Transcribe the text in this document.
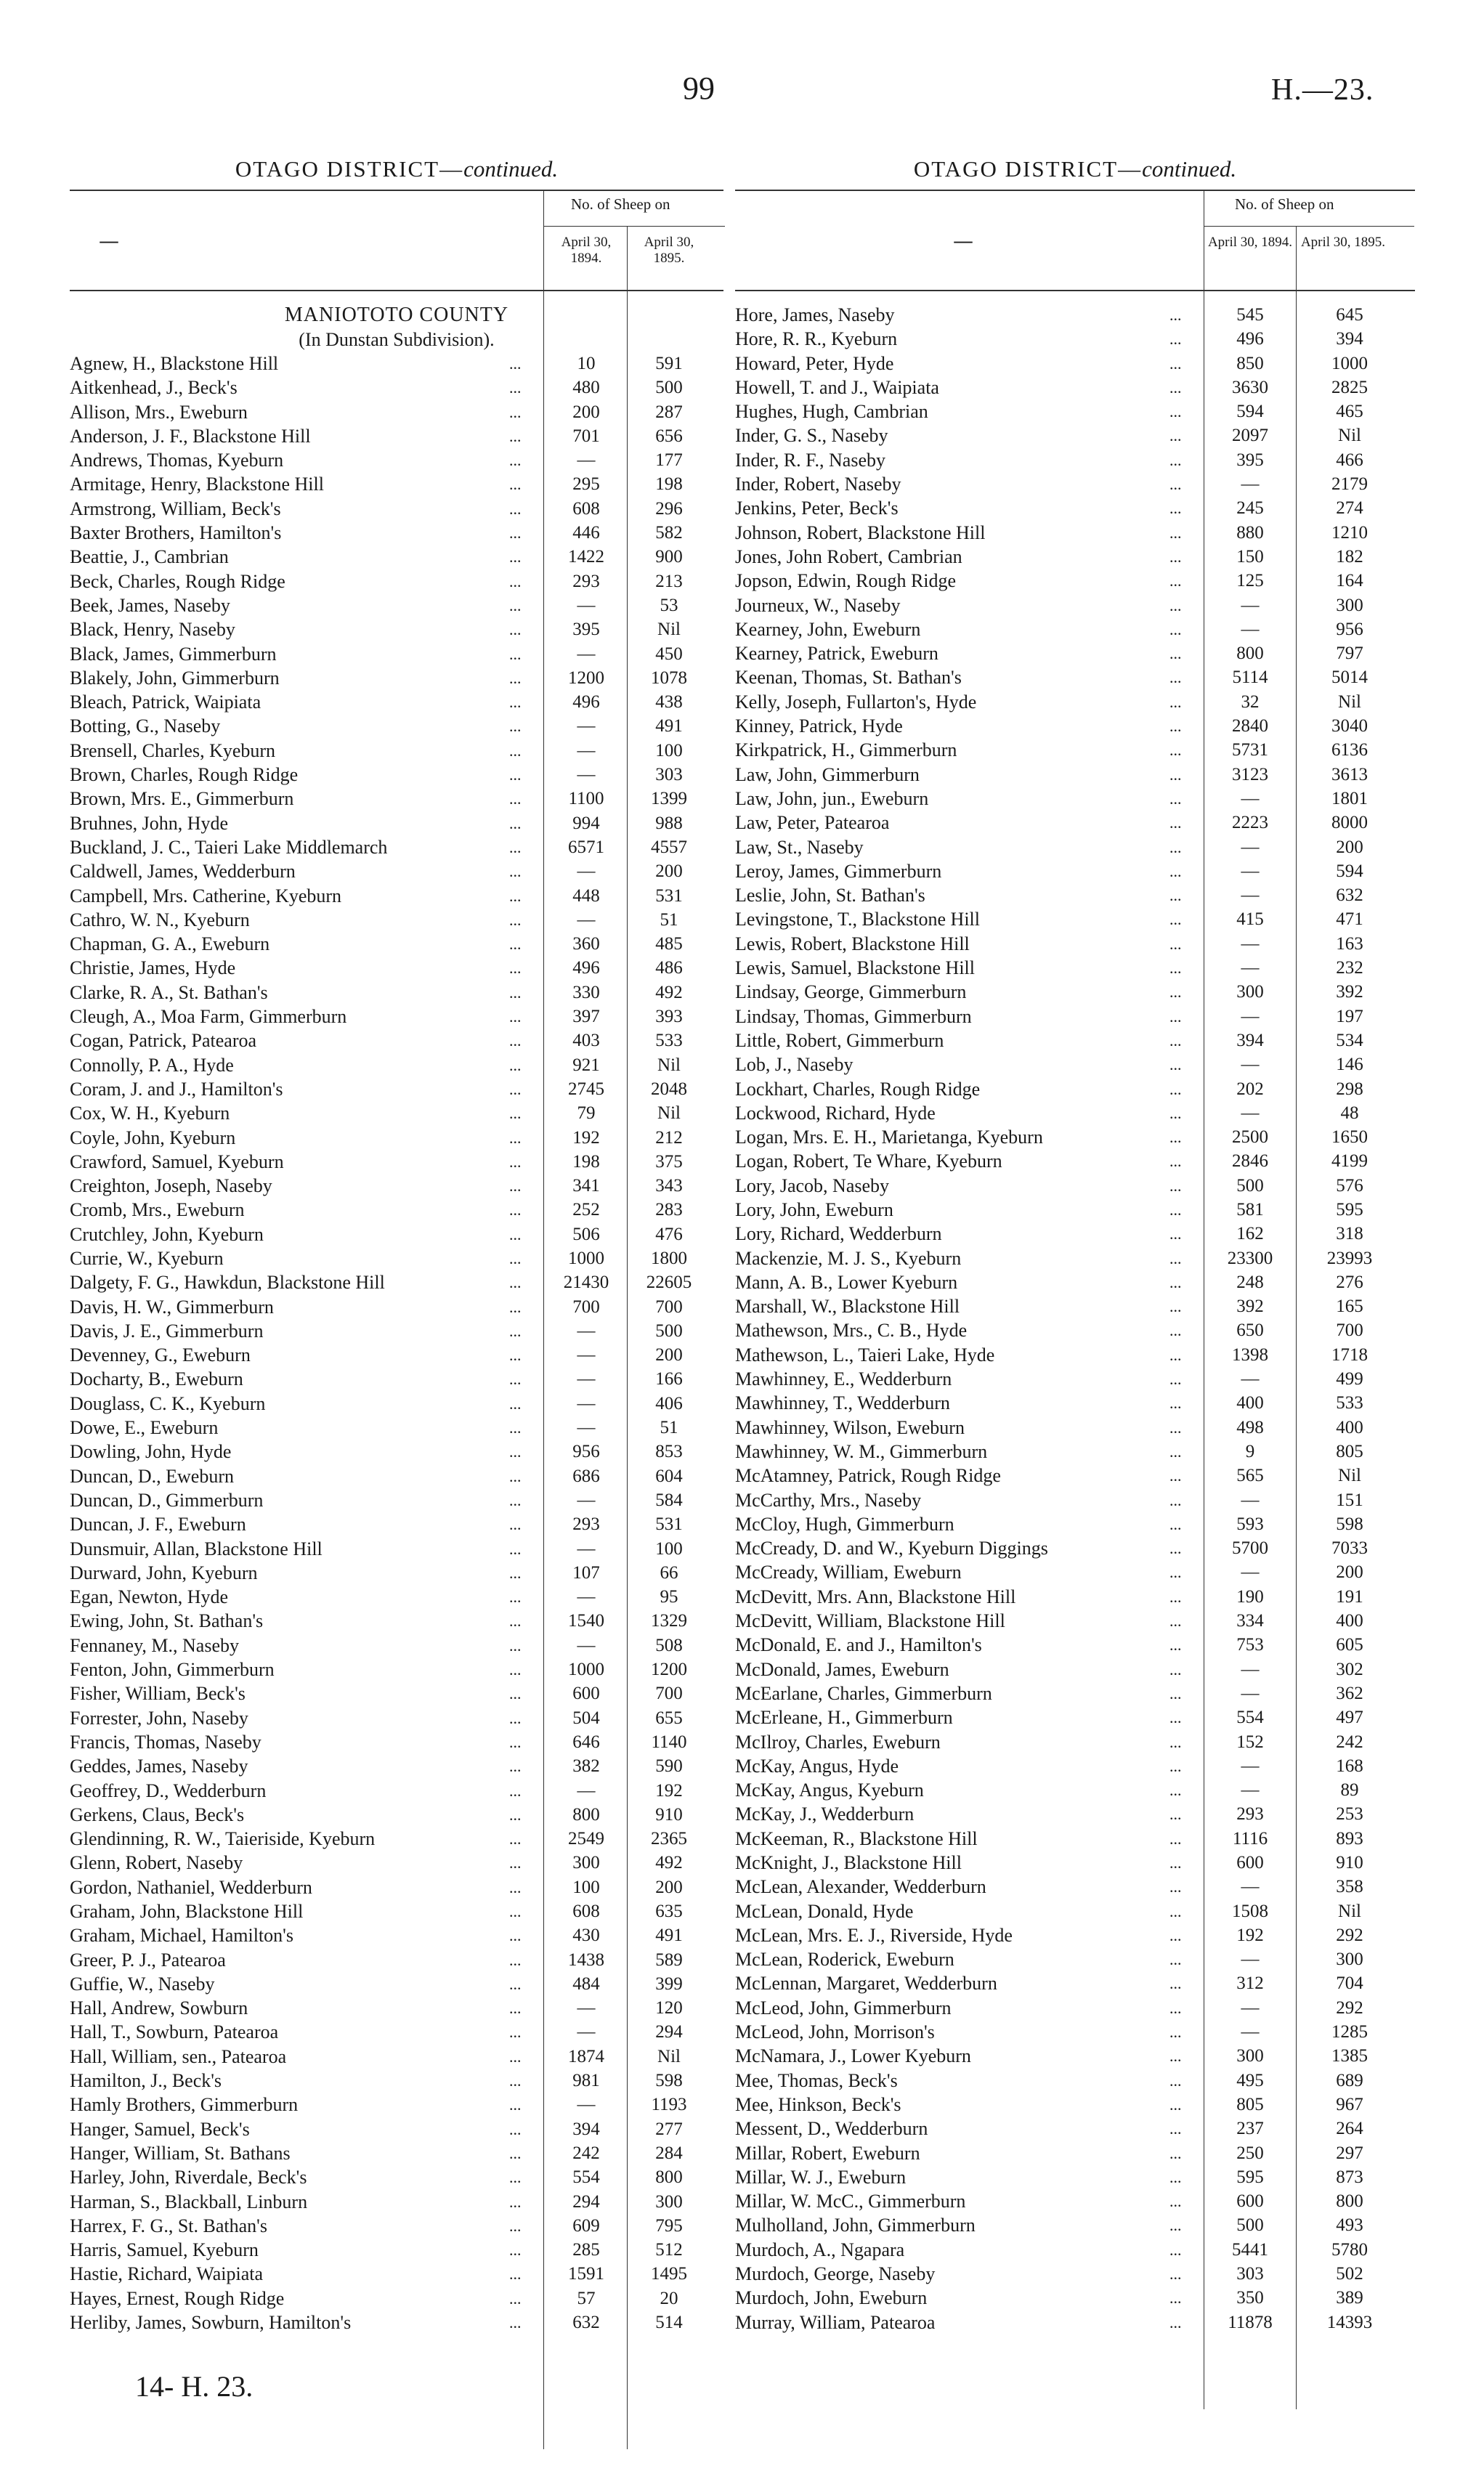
99	H.—23.
OTAGO DISTRICT—continued.
—
No. of Sheep on
April 30, 1894.
April 30, 1895.
MANIOTOTO COUNTY
(In Dunstan Subdivision).
Agnew, H., Blackstone Hill	...	10	591
Aitkenhead, J., Beck's	...	480	500
Allison, Mrs., Eweburn	...	200	287
Anderson, J. F., Blackstone Hill	...	701	656
Andrews, Thomas, Kyeburn	...	—	177
Armitage, Henry, Blackstone Hill	...	295	198
Armstrong, William, Beck's	...	608	296
Baxter Brothers, Hamilton's	...	446	582
Beattie, J., Cambrian	...	1422	900
Beck, Charles, Rough Ridge	...	293	213
Beek, James, Naseby	...	—	53
Black, Henry, Naseby	...	395	Nil
Black, James, Gimmerburn	...	—	450
Blakely, John, Gimmerburn	...	1200	1078
Bleach, Patrick, Waipiata	...	496	438
Botting, G., Naseby	...	—	491
Brensell, Charles, Kyeburn	...	—	100
Brown, Charles, Rough Ridge	...	—	303
Brown, Mrs. E., Gimmerburn	...	1100	1399
Bruhnes, John, Hyde	...	994	988
Buckland, J. C., Taieri Lake Middlemarch	...	6571	4557
Caldwell, James, Wedderburn	...	—	200
Campbell, Mrs. Catherine, Kyeburn	...	448	531
Cathro, W. N., Kyeburn	...	—	51
Chapman, G. A., Eweburn	...	360	485
Christie, James, Hyde	...	496	486
Clarke, R. A., St. Bathan's	...	330	492
Cleugh, A., Moa Farm, Gimmerburn	...	397	393
Cogan, Patrick, Patearoa	...	403	533
Connolly, P. A., Hyde	...	921	Nil
Coram, J. and J., Hamilton's	...	2745	2048
Cox, W. H., Kyeburn	...	79	Nil
Coyle, John, Kyeburn	...	192	212
Crawford, Samuel, Kyeburn	...	198	375
Creighton, Joseph, Naseby	...	341	343
Cromb, Mrs., Eweburn	...	252	283
Crutchley, John, Kyeburn	...	506	476
Currie, W., Kyeburn	...	1000	1800
Dalgety, F. G., Hawkdun, Blackstone Hill	...	21430	22605
Davis, H. W., Gimmerburn	...	700	700
Davis, J. E., Gimmerburn	...	—	500
Devenney, G., Eweburn	...	—	200
Docharty, B., Eweburn	...	—	166
Douglass, C. K., Kyeburn	...	—	406
Dowe, E., Eweburn	...	—	51
Dowling, John, Hyde	...	956	853
Duncan, D., Eweburn	...	686	604
Duncan, D., Gimmerburn	...	—	584
Duncan, J. F., Eweburn	...	293	531
Dunsmuir, Allan, Blackstone Hill	...	—	100
Durward, John, Kyeburn	...	107	66
Egan, Newton, Hyde	...	—	95
Ewing, John, St. Bathan's	...	1540	1329
Fennaney, M., Naseby	...	—	508
Fenton, John, Gimmerburn	...	1000	1200
Fisher, William, Beck's	...	600	700
Forrester, John, Naseby	...	504	655
Francis, Thomas, Naseby	...	646	1140
Geddes, James, Naseby	...	382	590
Geoffrey, D., Wedderburn	...	—	192
Gerkens, Claus, Beck's	...	800	910
Glendinning, R. W., Taieriside, Kyeburn	...	2549	2365
Glenn, Robert, Naseby	...	300	492
Gordon, Nathaniel, Wedderburn	...	100	200
Graham, John, Blackstone Hill	...	608	635
Graham, Michael, Hamilton's	...	430	491
Greer, P. J., Patearoa	...	1438	589
Guffie, W., Naseby	...	484	399
Hall, Andrew, Sowburn	...	—	120
Hall, T., Sowburn, Patearoa	...	—	294
Hall, William, sen., Patearoa	...	1874	Nil
Hamilton, J., Beck's	...	981	598
Hamly Brothers, Gimmerburn	...	—	1193
Hanger, Samuel, Beck's	...	394	277
Hanger, William, St. Bathans	...	242	284
Harley, John, Riverdale, Beck's	...	554	800
Harman, S., Blackball, Linburn	...	294	300
Harrex, F. G., St. Bathan's	...	609	795
Harris, Samuel, Kyeburn	...	285	512
Hastie, Richard, Waipiata	...	1591	1495
Hayes, Ernest, Rough Ridge	...	57	20
Herliby, James, Sowburn, Hamilton's	...	632	514
OTAGO DISTRICT—continued.
—
No. of Sheep on
April 30, 1894. April 30, 1895.
Hore, James, Naseby	...	545	645
Hore, R. R., Kyeburn	...	496	394
Howard, Peter, Hyde	...	850	1000
Howell, T. and J., Waipiata	...	3630	2825
Hughes, Hugh, Cambrian	...	594	465
Inder, G. S., Naseby	...	2097	Nil
Inder, R. F., Naseby	...	395	466
Inder, Robert, Naseby	...	—	2179
Jenkins, Peter, Beck's	...	245	274
Johnson, Robert, Blackstone Hill	...	880	1210
Jones, John Robert, Cambrian	...	150	182
Jopson, Edwin, Rough Ridge	...	125	164
Journeux, W., Naseby	...	—	300
Kearney, John, Eweburn	...	—	956
Kearney, Patrick, Eweburn	...	800	797
Keenan, Thomas, St. Bathan's	...	5114	5014
Kelly, Joseph, Fullarton's, Hyde	...	32	Nil
Kinney, Patrick, Hyde	...	2840	3040
Kirkpatrick, H., Gimmerburn	...	5731	6136
Law, John, Gimmerburn	...	3123	3613
Law, John, jun., Eweburn	...	—	1801
Law, Peter, Patearoa	...	2223	8000
Law, St., Naseby	...	—	200
Leroy, James, Gimmerburn	...	—	594
Leslie, John, St. Bathan's	...	—	632
Levingstone, T., Blackstone Hill	...	415	471
Lewis, Robert, Blackstone Hill	...	—	163
Lewis, Samuel, Blackstone Hill	...	—	232
Lindsay, George, Gimmerburn	...	300	392
Lindsay, Thomas, Gimmerburn	...	—	197
Little, Robert, Gimmerburn	...	394	534
Lob, J., Naseby	...	—	146
Lockhart, Charles, Rough Ridge	...	202	298
Lockwood, Richard, Hyde	...	—	48
Logan, Mrs. E. H., Marietanga, Kyeburn	...	2500	1650
Logan, Robert, Te Whare, Kyeburn	...	2846	4199
Lory, Jacob, Naseby	...	500	576
Lory, John, Eweburn	...	581	595
Lory, Richard, Wedderburn	...	162	318
Mackenzie, M. J. S., Kyeburn	...	23300	23993
Mann, A. B., Lower Kyeburn	...	248	276
Marshall, W., Blackstone Hill	...	392	165
Mathewson, Mrs., C. B., Hyde	...	650	700
Mathewson, L., Taieri Lake, Hyde	...	1398	1718
Mawhinney, E., Wedderburn	...	—	499
Mawhinney, T., Wedderburn	...	400	533
Mawhinney, Wilson, Eweburn	...	498	400
Mawhinney, W. M., Gimmerburn	...	9	805
McAtamney, Patrick, Rough Ridge	...	565	Nil
McCarthy, Mrs., Naseby	...	—	151
McCloy, Hugh, Gimmerburn	...	593	598
McCready, D. and W., Kyeburn Diggings	...	5700	7033
McCready, William, Eweburn	...	—	200
McDevitt, Mrs. Ann, Blackstone Hill	...	190	191
McDevitt, William, Blackstone Hill	...	334	400
McDonald, E. and J., Hamilton's	...	753	605
McDonald, James, Eweburn	...	—	302
McEarlane, Charles, Gimmerburn	...	—	362
McErleane, H., Gimmerburn	...	554	497
McIlroy, Charles, Eweburn	...	152	242
McKay, Angus, Hyde	...	—	168
McKay, Angus, Kyeburn	...	—	89
McKay, J., Wedderburn	...	293	253
McKeeman, R., Blackstone Hill	...	1116	893
McKnight, J., Blackstone Hill	...	600	910
McLean, Alexander, Wedderburn	...	—	358
McLean, Donald, Hyde	...	1508	Nil
McLean, Mrs. E. J., Riverside, Hyde	...	192	292
McLean, Roderick, Eweburn	...	—	300
McLennan, Margaret, Wedderburn	...	312	704
McLeod, John, Gimmerburn	...	—	292
McLeod, John, Morrison's	...	—	1285
McNamara, J., Lower Kyeburn	...	300	1385
Mee, Thomas, Beck's	...	495	689
Mee, Hinkson, Beck's	...	805	967
Messent, D., Wedderburn	...	237	264
Millar, Robert, Eweburn	...	250	297
Millar, W. J., Eweburn	...	595	873
Millar, W. McC., Gimmerburn	...	600	800
Mulholland, John, Gimmerburn	...	500	493
Murdoch, A., Ngapara	...	5441	5780
Murdoch, George, Naseby	...	303	502
Murdoch, John, Eweburn	...	350	389
Murray, William, Patearoa	...	11878	14393
14- H. 23.
